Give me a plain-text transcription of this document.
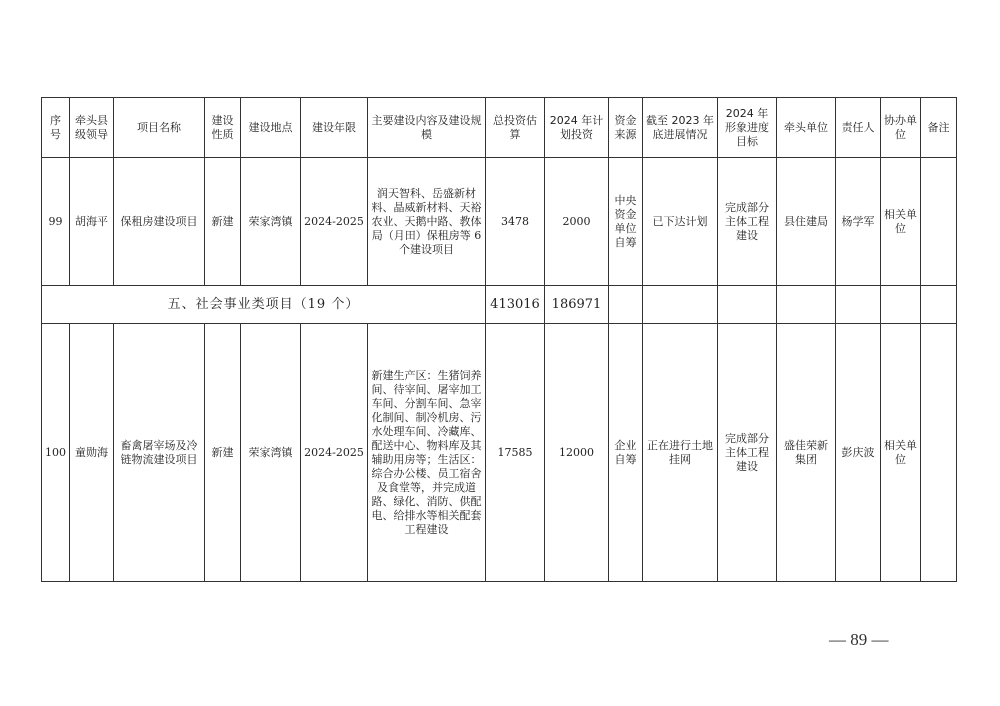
序号	牵头县级领导	项目名称	建设性质	建设地点	建设年限	主要建设内容及建设规模	总投资估算	2024 年计划投资	资金来源	截至 2023 年底进展情况	2024 年形象进度目标	牵头单位	责任人	协办单位	备注
99	胡海平	保租房建设项目	新建	荣家湾镇	2024-2025	润天智科、岳盛新材料、晶威新材料、天裕农业、天鹅中路、教体局（月田）保租房等 6 个建设项目	3478	2000	中央资金单位自筹	已下达计划	完成部分主体工程建设	县住建局	杨学军	相关单位	
五、社会事业类项目（19 个）							413016	186971							
100	童勋海	畜禽屠宰场及冷链物流建设项目	新建	荣家湾镇	2024-2025	新建生产区：生猪饲养间、待宰间、屠宰加工车间、分割车间、急宰化制间、制冷机房、污水处理车间、冷藏库、配送中心、物料库及其辅助用房等；生活区：综合办公楼、员工宿舍及食堂等，并完成道路、绿化、消防、供配电、给排水等相关配套工程建设	17585	12000	企业自筹	正在进行土地挂网	完成部分主体工程建设	盛佳荣新集团	彭庆波	相关单位	
— 89 —
